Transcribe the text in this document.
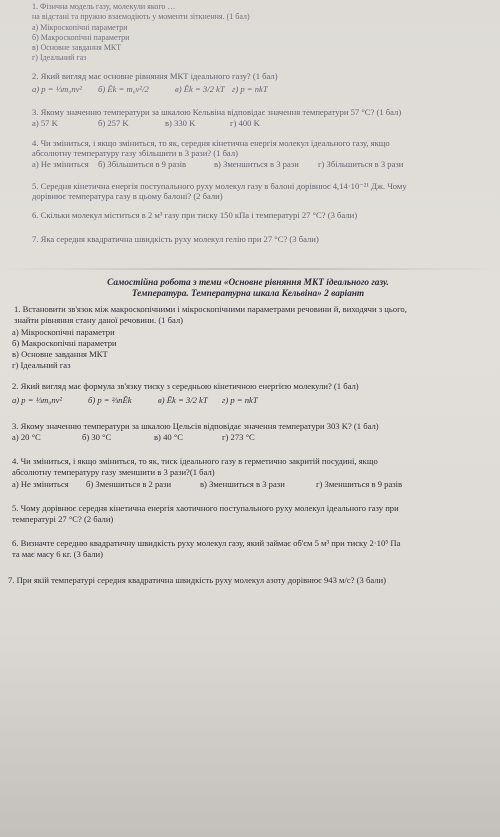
1. Фізична модель газу, молекули якого …
на відстані та пружно взаємодіють у моменти зіткнення. (1 бал)
а) Мікроскопічні параметри
б) Макроскопічні параметри
в) Основне завдання МКТ
г) Ідеальний газ
2. Який вигляд має основне рівняння МКТ ідеального газу? (1 бал)
а) p = ⅓m₀nv² б) Ēk = m₀v²/2	в) Ēk = 3/2 kT г) p = nkT
3. Якому значенню температури за шкалою Кельвіна відповідає значення температури 57 °C? (1 бал)
а) 57 K	б) 257 K	в) 330 K	г) 400 K
4. Чи зміниться, і якщо зміниться, то як, середня кінетична енергія молекул ідеального газу, якщо
абсолютну температуру газу збільшити в 3 рази? (1 бал)
а) Не зміниться б) Збільшиться в 9 разів	в) Зменшиться в 3 рази г) Збільшиться в 3 рази
5. Середня кінетична енергія поступального руху молекул газу в балоні дорівнює 4,14·10⁻²¹ Дж. Чому
дорівнює температура газу в цьому балоні? (2 бали)
6. Скільки молекул міститься в 2 м³ газу при тиску 150 кПа і температурі 27 °C? (3 бали)
7. Яка середня квадратична швидкість руху молекул гелію при 27 °C? (3 бали)
Самостійна робота з теми «Основне рівняння МКТ ідеального газу.
Температура. Температурна шкала Кельвіна» 2 варіант
1. Встановити зв'язок між макроскопічними і мікроскопічними параметрами речовини й, виходячи з цього,
знайти рівняння стану даної речовини. (1 бал)
а) Мікроскопічні параметри
б) Макроскопічні параметри
в) Основне завдання МКТ
г) Ідеальний газ
2. Який вигляд має формула зв'язку тиску з середньою кінетичною енергією молекули? (1 бал)
а) p = ⅓m₀nv²	б) p = ⅔nĒk	в) Ēk = 3/2 kT г) p = nkT
3. Якому значенню температури за шкалою Цельсія відповідає значення температури 303 K? (1 бал)
а) 20 °C	б) 30 °C	в) 40 °C	г) 273 °C
4. Чи зміниться, і якщо зміниться, то як, тиск ідеального газу в герметично закритій посудині, якщо
абсолютну температуру газу зменшити в 3 рази?(1 бал)
а) Не зміниться б) Зменшиться в 2 рази	в) Зменшиться в 3 рази	г) Зменшиться в 9 разів
5. Чому дорівнює середня кінетична енергія хаотичного поступального руху молекул ідеального газу при
температурі 27 °C? (2 бали)
6. Визначте середню квадратичну швидкість руху молекул газу, який займає об'єм 5 м³ при тиску 2·10⁵ Па
та має масу 6 кг. (3 бали)
7. При якій температурі середня квадратична швидкість руху молекул азоту дорівнює 943 м/с? (3 бали)
